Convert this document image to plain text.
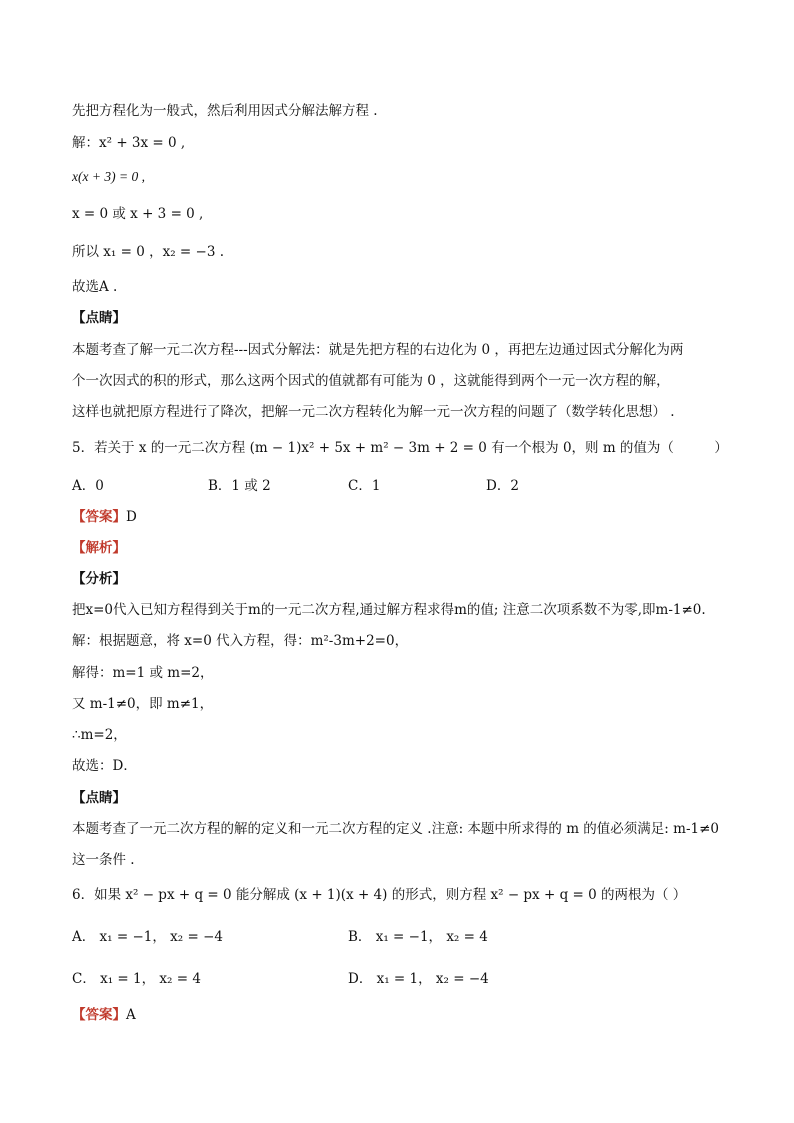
先把方程化为一般式，然后利用因式分解法解方程 .
解：x² + 3x = 0 ,
x(x + 3) = 0 ,
x = 0 或 x + 3 = 0 ,
所以 x₁ = 0 ，x₂ = −3 .
故选A .
【点睛】
本题考查了解一元二次方程---因式分解法：就是先把方程的右边化为 0 ，再把左边通过因式分解化为两
个一次因式的积的形式，那么这两个因式的值就都有可能为 0 ，这就能得到两个一元一次方程的解，
这样也就把原方程进行了降次，把解一元二次方程转化为解一元一次方程的问题了（数学转化思想） .
5．若关于 x 的一元二次方程 (m − 1)x² + 5x + m² − 3m + 2 = 0 有一个根为 0，则 m 的值为（　　　）
A．0	B．1 或 2	C．1	D．2
【答案】D
【解析】
【分析】
把x=0代入已知方程得到关于m的一元二次方程,通过解方程求得m的值; 注意二次项系数不为零,即m-1≠0.
解：根据题意，将 x=0 代入方程，得：m²-3m+2=0，
解得：m=1 或 m=2，
又 m-1≠0，即 m≠1，
∴m=2，
故选：D．
【点睛】
本题考查了一元二次方程的解的定义和一元二次方程的定义 .注意: 本题中所求得的 m 的值必须满足: m-1≠0
这一条件 .
6．如果 x² − px + q = 0 能分解成 (x + 1)(x + 4) 的形式，则方程 x² − px + q = 0 的两根为（ ）
A． x₁ = −1， x₂ = −4	B． x₁ = −1， x₂ = 4
C． x₁ = 1， x₂ = 4	D． x₁ = 1， x₂ = −4
【答案】A
